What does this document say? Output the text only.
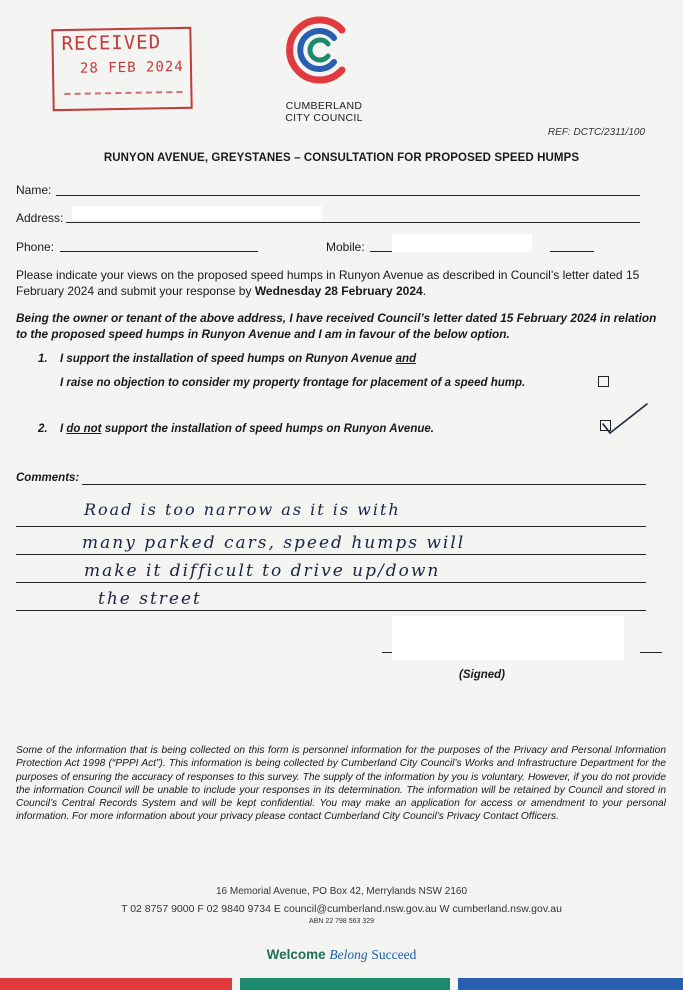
RECEIVED
28 FEB 2024
CUMBERLAND
CITY COUNCIL
REF: DCTC/2311/100
RUNYON AVENUE, GREYSTANES – CONSULTATION FOR PROPOSED SPEED HUMPS
Name:
Address:
Phone:	Mobile:
Please indicate your views on the proposed speed humps in Runyon Avenue as described in Council’s letter dated 15 February 2024 and submit your response by Wednesday 28 February 2024.
Being the owner or tenant of the above address, I have received Council’s letter dated 15 February 2024 in relation to the proposed speed humps in Runyon Avenue and I am in favour of the below option.
1. I support the installation of speed humps on Runyon Avenue and
I raise no objection to consider my property frontage for placement of a speed hump.
2. I do not support the installation of speed humps on Runyon Avenue.
Comments:
Road is too narrow as it is with
many parked cars, speed humps will
make it difficult to drive up/down
the street
(Signed)
Some of the information that is being collected on this form is personnel information for the purposes of the Privacy and Personal Information Protection Act 1998 (“PPPI Act”). This information is being collected by Cumberland City Council’s Works and Infrastructure Department for the purposes of ensuring the accuracy of responses to this survey. The supply of the information by you is voluntary. However, if you do not provide the information Council will be unable to include your responses in its determination. The information will be retained by Council and stored in Council’s Central Records System and will be kept confidential. You may make an application for access or amendment to your personal information. For more information about your privacy please contact Cumberland City Council’s Privacy Contact Officers.
16 Memorial Avenue, PO Box 42, Merrylands NSW 2160
T 02 8757 9000 F 02 9840 9734 E council@cumberland.nsw.gov.au W cumberland.nsw.gov.au
ABN 22 798 563 329
Welcome Belong Succeed
